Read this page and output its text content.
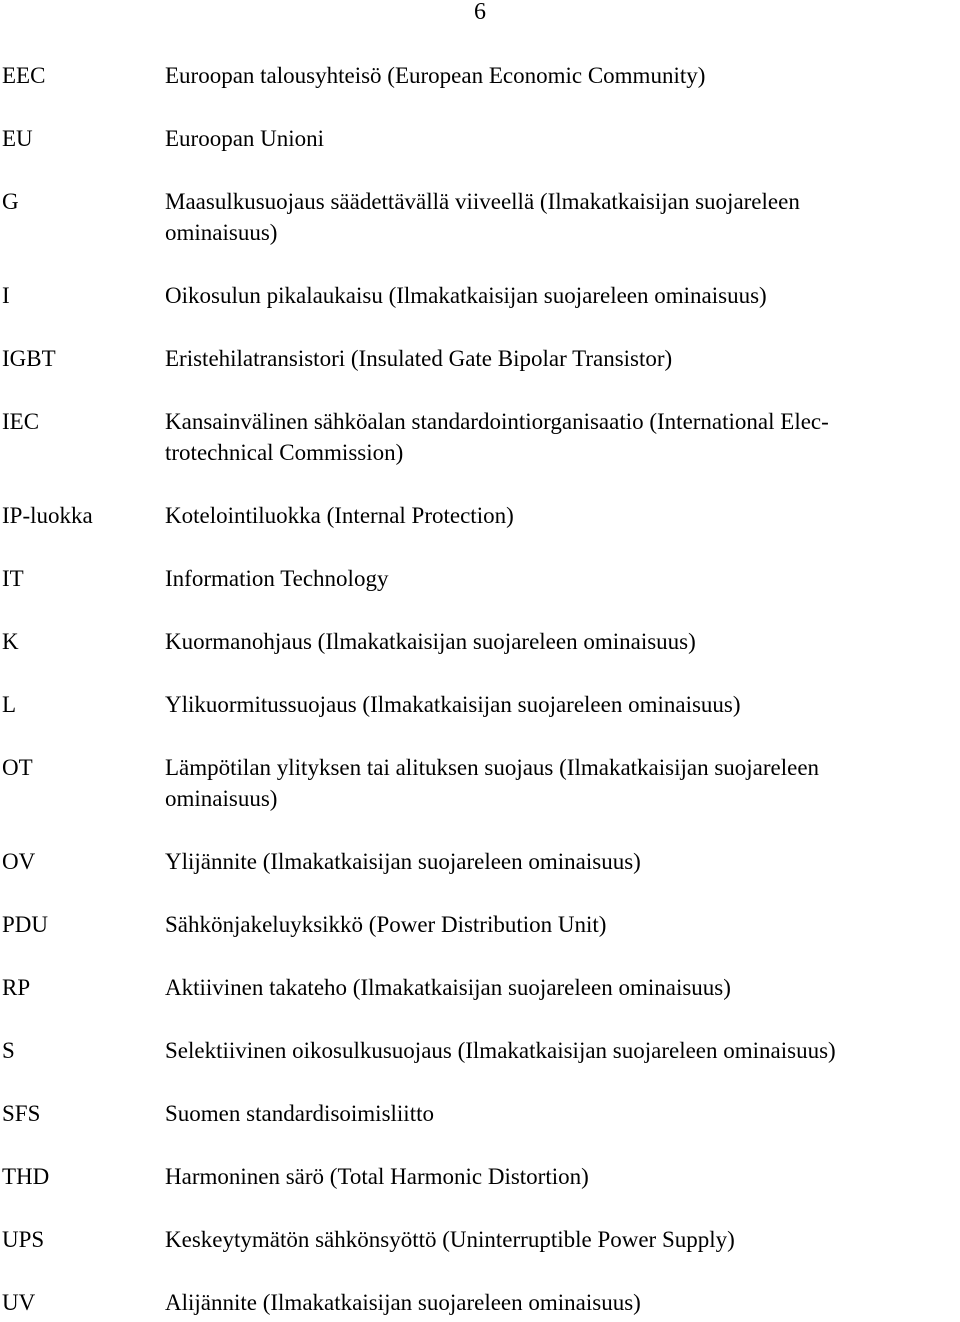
6
EEC	Euroopan talousyhteisö (European Economic Community)
EU	Euroopan Unioni
G	Maasulkusuojaus säädettävällä viiveellä (Ilmakatkaisijan suojareleen
ominaisuus)
I	Oikosulun pikalaukaisu (Ilmakatkaisijan suojareleen ominaisuus)
IGBT	Eristehilatransistori (Insulated Gate Bipolar Transistor)
IEC	Kansainvälinen sähköalan standardointiorganisaatio (International Elec-
trotechnical Commission)
IP-luokka	Kotelointiluokka (Internal Protection)
IT	Information Technology
K	Kuormanohjaus (Ilmakatkaisijan suojareleen ominaisuus)
L	Ylikuormitussuojaus (Ilmakatkaisijan suojareleen ominaisuus)
OT	Lämpötilan ylityksen tai alituksen suojaus (Ilmakatkaisijan suojareleen
ominaisuus)
OV	Ylijännite (Ilmakatkaisijan suojareleen ominaisuus)
PDU	Sähkönjakeluyksikkö (Power Distribution Unit)
RP	Aktiivinen takateho (Ilmakatkaisijan suojareleen ominaisuus)
S	Selektiivinen oikosulkusuojaus (Ilmakatkaisijan suojareleen ominaisuus)
SFS	Suomen standardisoimisliitto
THD	Harmoninen särö (Total Harmonic Distortion)
UPS	Keskeytymätön sähkönsyöttö (Uninterruptible Power Supply)
UV	Alijännite (Ilmakatkaisijan suojareleen ominaisuus)
